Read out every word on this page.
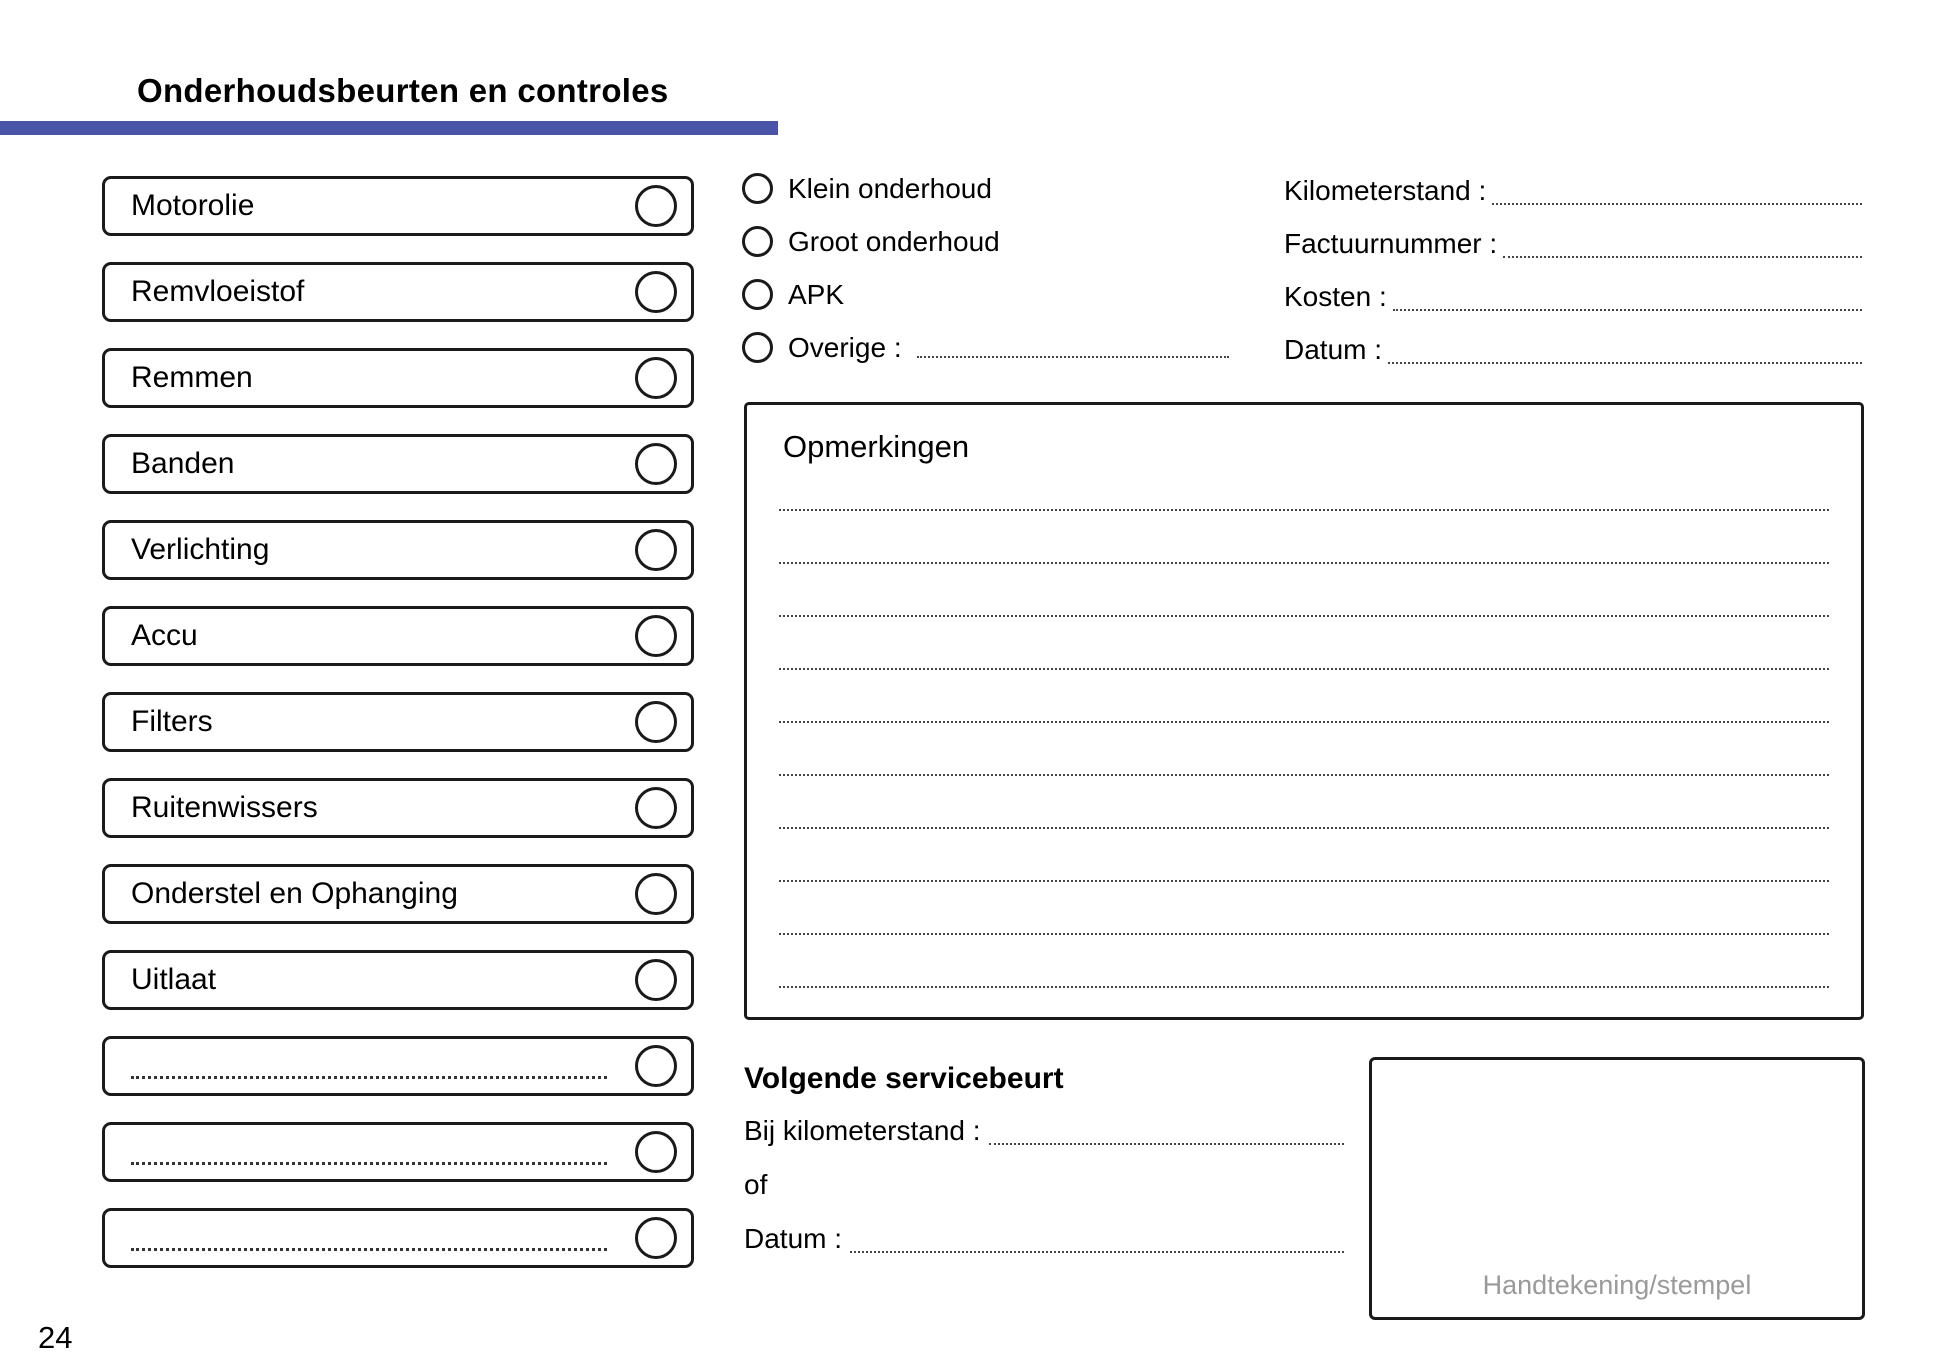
Onderhoudsbeurten en controles
Motorolie
Remvloeistof
Remmen
Banden
Verlichting
Accu
Filters
Ruitenwissers
Onderstel en Ophanging
Uitlaat
Klein onderhoud
Groot onderhoud
APK
Overige :
Kilometerstand :
Factuurnummer :
Kosten :
Datum :
Opmerkingen
Volgende servicebeurt
Bij kilometerstand :
of
Datum :
Handtekening/stempel
24
